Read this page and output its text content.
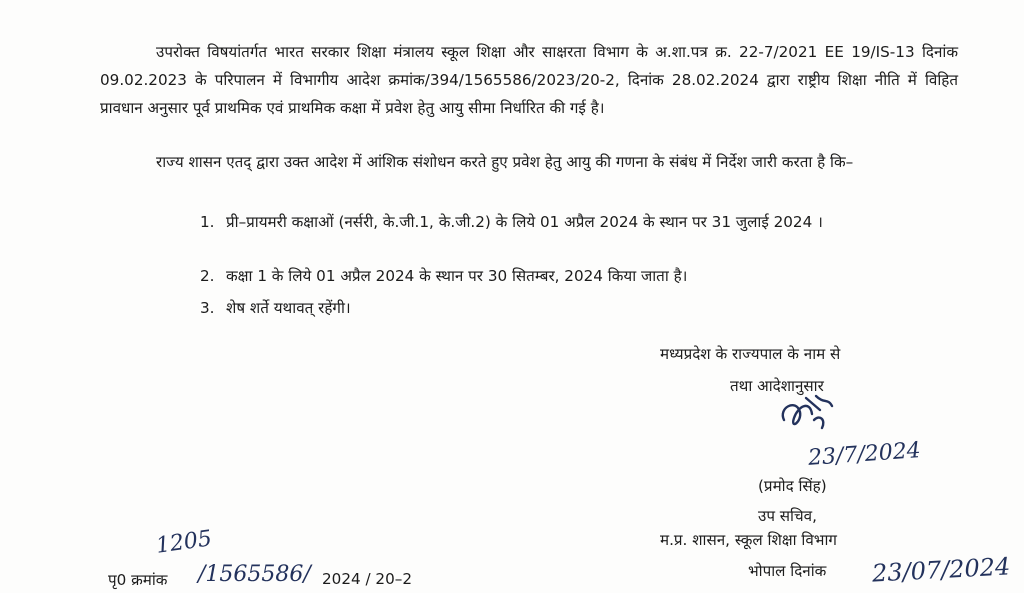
उपरोक्त विषयांतर्गत भारत सरकार शिक्षा मंत्रालय स्कूल शिक्षा और साक्षरता विभाग के अ.शा.पत्र क्र. 22-7/2021 EE 19/IS-13 दिनांक 09.02.2023 के परिपालन में विभागीय आदेश क्रमांक/394/1565586/2023/20-2, दिनांक 28.02.2024 द्वारा राष्ट्रीय शिक्षा नीति में विहित प्रावधान अनुसार पूर्व प्राथमिक एवं प्राथमिक कक्षा में प्रवेश हेतु आयु सीमा निर्धारित की गई है।
राज्य शासन एतद् द्वारा उक्त आदेश में आंशिक संशोधन करते हुए प्रवेश हेतु आयु की गणना के संबंध में निर्देश जारी करता है कि–
1. प्री–प्रायमरी कक्षाओं (नर्सरी, के.जी.1, के.जी.2) के लिये 01 अप्रैल 2024 के स्थान पर 31 जुलाई 2024 ।
2. कक्षा 1 के लिये 01 अप्रैल 2024 के स्थान पर 30 सितम्बर, 2024 किया जाता है।
3. शेष शर्ते यथावत् रहेंगी।
मध्यप्रदेश के राज्यपाल के नाम से
तथा आदेशानुसार
23/7/2024
(प्रमोद सिंह)
उप सचिव,
म.प्र. शासन, स्कूल शिक्षा विभाग
भोपाल दिनांक 23/07/2024
1205
पृ0 क्रमांक /1565586/ 2024 / 20–2
